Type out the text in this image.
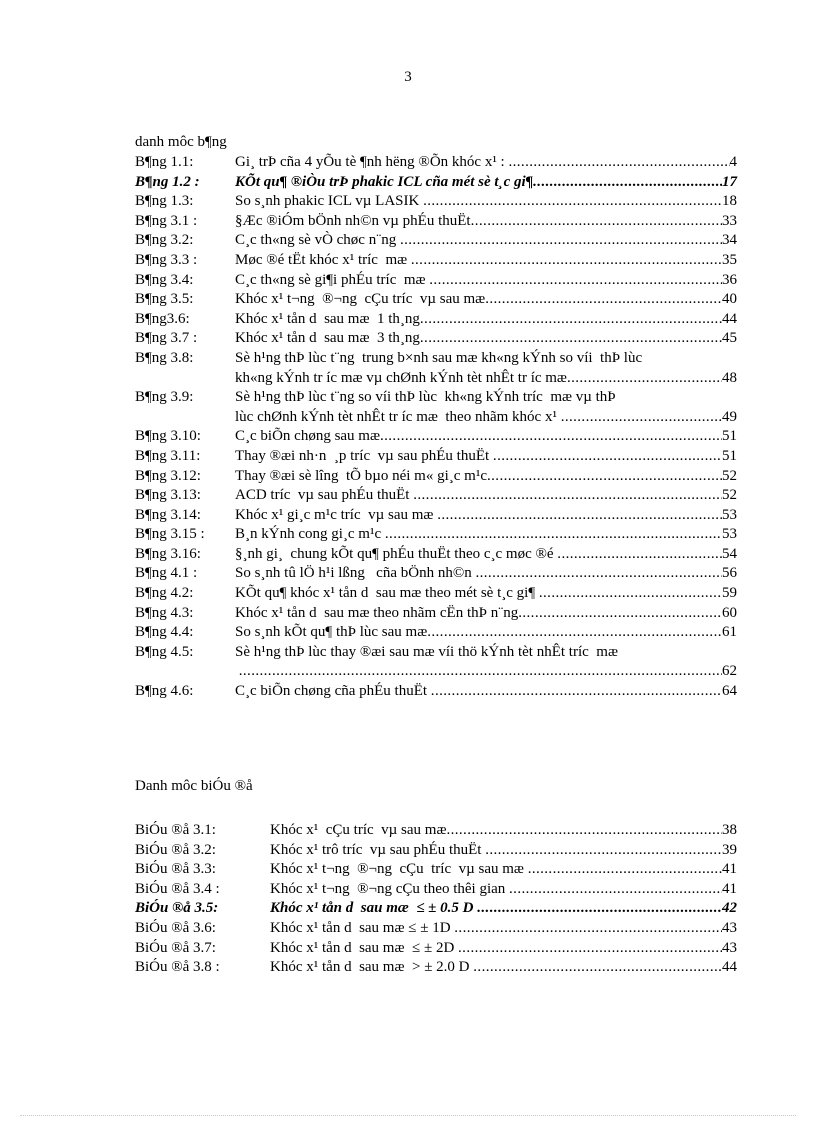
3
danh môc b¶ng
B¶ng 1.1:	Gi¸ trÞ cña 4 yÕu tè ¶nh hëng ®Õn khóc x¹ : .....	4
B¶ng 1.2 :	KÕt qu¶ ®iÒu trÞ phakic ICL cña mét sè t¸c gi¶ .....	17
B¶ng 1.3:	So s¸nh phakic ICL vµ LASIK .....	18
B¶ng 3.1 :	§Æc ®iÓm bÖnh nh©n vµ phÉu thuËt .....	33
B¶ng 3.2:	C¸c th«ng sè vÒ chøc n¨ng .....	34
B¶ng 3.3 :	Møc ®é tËt khóc x¹ tríc  mæ .....	35
B¶ng 3.4:	C¸c th«ng sè gi¶i phÉu tríc  mæ .....	36
B¶ng 3.5:	Khóc x¹ t¬ng  ®¬ng  cÇu tríc  vµ sau mæ .....	40
B¶ng3.6:	Khóc x¹ tån d  sau mæ  1 th¸ng .....	44
B¶ng 3.7 :	Khóc x¹ tån d  sau mæ  3 th¸ng .....	45
B¶ng 3.8:	Sè h¹ng thÞ lùc t¨ng  trung b×nh sau mæ kh«ng kÝnh so víi  thÞ lùc
kh«ng kÝnh tr íc mæ vµ chØnh kÝnh tèt nhÊt tr íc mæ .....	48
B¶ng 3.9:	Sè h¹ng thÞ lùc t¨ng so víi thÞ lùc  kh«ng kÝnh tríc  mæ vµ thÞ
lùc chØnh kÝnh tèt nhÊt tr íc mæ  theo nhãm khóc x¹ .....	49
B¶ng 3.10:	C¸c biÕn chøng sau mæ .....	51
B¶ng 3.11:	Thay ®æi nh·n  ¸p tríc  vµ sau phÉu thuËt .....	51
B¶ng 3.12:	Thay ®æi sè lîng  tÕ bµo néi m« gi¸c m¹c .....	52
B¶ng 3.13:	ACD tríc  vµ sau phÉu thuËt .....	52
B¶ng 3.14:	Khóc x¹ gi¸c m¹c tríc  vµ sau mæ .....	53
B¶ng 3.15 :	B¸n kÝnh cong gi¸c m¹c .....	53
B¶ng 3.16:	§¸nh gi¸  chung kÕt qu¶ phÉu thuËt theo c¸c møc ®é .....	54
B¶ng 4.1 :	So s¸nh tû lÖ h¹i lßng   cña bÖnh nh©n .....	56
B¶ng 4.2:	KÕt qu¶ khóc x¹ tån d  sau mæ theo mét sè t¸c gi¶ .....	59
B¶ng 4.3:	Khóc x¹ tån d  sau mæ theo nhãm cËn thÞ n¨ng .....	60
B¶ng 4.4:	So s¸nh kÕt qu¶ thÞ lùc sau mæ .....	61
B¶ng 4.5:	Sè h¹ng thÞ lùc thay ®æi sau mæ víi thö kÝnh tèt nhÊt tríc  mæ

.....
62
B¶ng 4.6:	C¸c biÕn chøng cña phÉu thuËt .....	64
Danh môc biÓu ®å
BiÓu ®å 3.1:	Khóc x¹  cÇu tríc  vµ sau mæ .....	38
BiÓu ®å 3.2:	Khóc x¹ trô tríc  vµ sau phÉu thuËt .....	39
BiÓu ®å 3.3:	Khóc x¹ t¬ng  ®¬ng  cÇu  tríc  vµ sau mæ .....	41
BiÓu ®å 3.4 :	Khóc x¹ t¬ng  ®¬ng cÇu theo thêi gian .....	41
BiÓu ®å 3.5:	Khóc x¹ tån d  sau mæ  ≤ ± 0.5 D .....	42
BiÓu ®å 3.6:	Khóc x¹ tån d  sau mæ ≤ ± 1D .....	43
BiÓu ®å 3.7:	Khóc x¹ tån d  sau mæ  ≤ ± 2D .....	43
BiÓu ®å 3.8 :	Khóc x¹ tån d  sau mæ  > ± 2.0 D .....	44
